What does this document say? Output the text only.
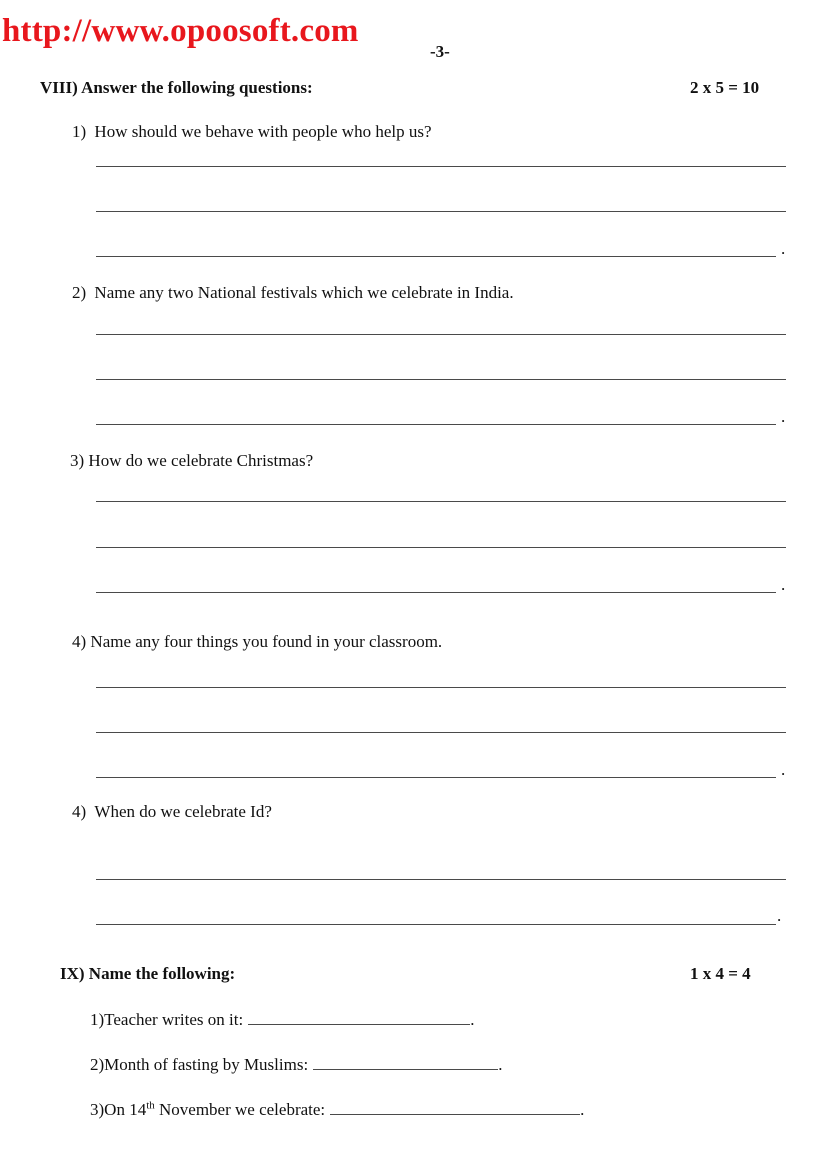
http://www.opoosoft.com
-3-
VIII) Answer the following questions:	2 x 5 = 10
1) How should we behave with people who help us?
.
2) Name any two National festivals which we celebrate in India.
.
3) How do we celebrate Christmas?
.
4) Name any four things you found in your classroom.
.
4) When do we celebrate Id?
.
IX) Name the following:	1 x 4 = 4
1)Teacher writes on it:	.
2)Month of fasting by Muslims:	.
3)On 14th November we celebrate:	.
